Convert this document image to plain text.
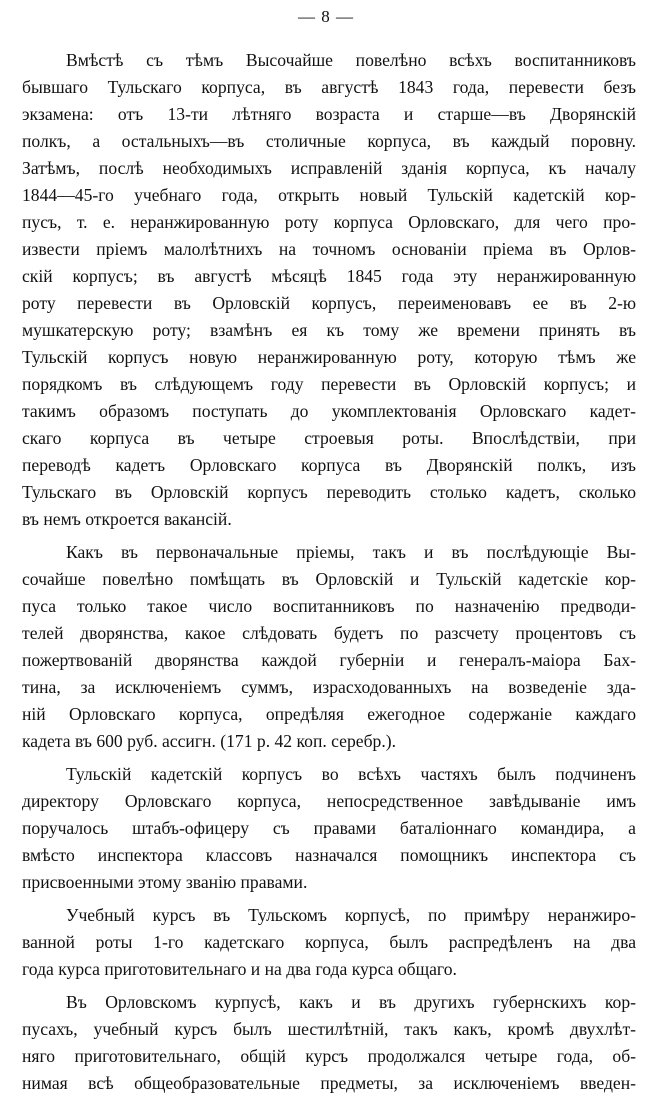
— 8 —
Вмѣстѣ съ тѣмъ Высочайше повелѣно всѣхъ воспитанниковъ
бывшаго Тульскаго корпуса, въ августѣ 1843 года, перевести безъ
экзамена: отъ 13-ти лѣтняго возраста и старше—въ Дворянскій
полкъ, а остальныхъ—въ столичные корпуса, въ каждый поровну.
Затѣмъ, послѣ необходимыхъ исправленій зданія корпуса, къ началу
1844—45-го учебнаго года, открыть новый Тульскій кадетскій кор-
пусъ, т. е. неранжированную роту корпуса Орловскаго, для чего про-
извести пріемъ малолѣтнихъ на точномъ основаніи пріема въ Орлов-
скій корпусъ; въ августѣ мѣсяцѣ 1845 года эту неранжированную
роту перевести въ Орловскій корпусъ, переименовавъ ее въ 2-ю
мушкатерскую роту; взамѣнъ ея къ тому же времени принять въ
Тульскій корпусъ новую неранжированную роту, которую тѣмъ же
порядкомъ въ слѣдующемъ году перевести въ Орловскій корпусъ; и
такимъ образомъ поступать до укомплектованія Орловскаго кадет-
скаго корпуса въ четыре строевыя роты. Впослѣдствіи, при
переводѣ кадетъ Орловскаго корпуса въ Дворянскій полкъ, изъ
Тульскаго въ Орловскій корпусъ переводить столько кадетъ, сколько
въ немъ откроется вакансій.
Какъ въ первоначальные пріемы, такъ и въ послѣдующіе Вы-
сочайше повелѣно помѣщать въ Орловскій и Тульскій кадетскіе кор-
пуса только такое число воспитанниковъ по назначенію предводи-
телей дворянства, какое слѣдовать будетъ по разсчету процентовъ съ
пожертвованій дворянства каждой губерніи и генералъ-маіора Бах-
тина, за исключеніемъ суммъ, израсходованныхъ на возведеніе зда-
ній Орловскаго корпуса, опредѣляя ежегодное содержаніе каждаго
кадета въ 600 руб. ассигн. (171 р. 42 коп. серебр.).
Тульскій кадетскій корпусъ во всѣхъ частяхъ былъ подчиненъ
директору Орловскаго корпуса, непосредственное завѣдываніе имъ
поручалось штабъ-офицеру съ правами баталіоннаго командира, а
вмѣсто инспектора классовъ назначался помощникъ инспектора съ
присвоенными этому званію правами.
Учебный курсъ въ Тульскомъ корпусѣ, по примѣру неранжиро-
ванной роты 1-го кадетскаго корпуса, былъ распредѣленъ на два
года курса приготовительнаго и на два года курса общаго.
Въ Орловскомъ курпусѣ, какъ и въ другихъ губернскихъ кор-
пусахъ, учебный курсъ былъ шестилѣтній, такъ какъ, кромѣ двухлѣт-
няго приготовительнаго, общій курсъ продолжался четыре года, об-
нимая всѣ общеобразовательные предметы, за исключеніемъ введен-
